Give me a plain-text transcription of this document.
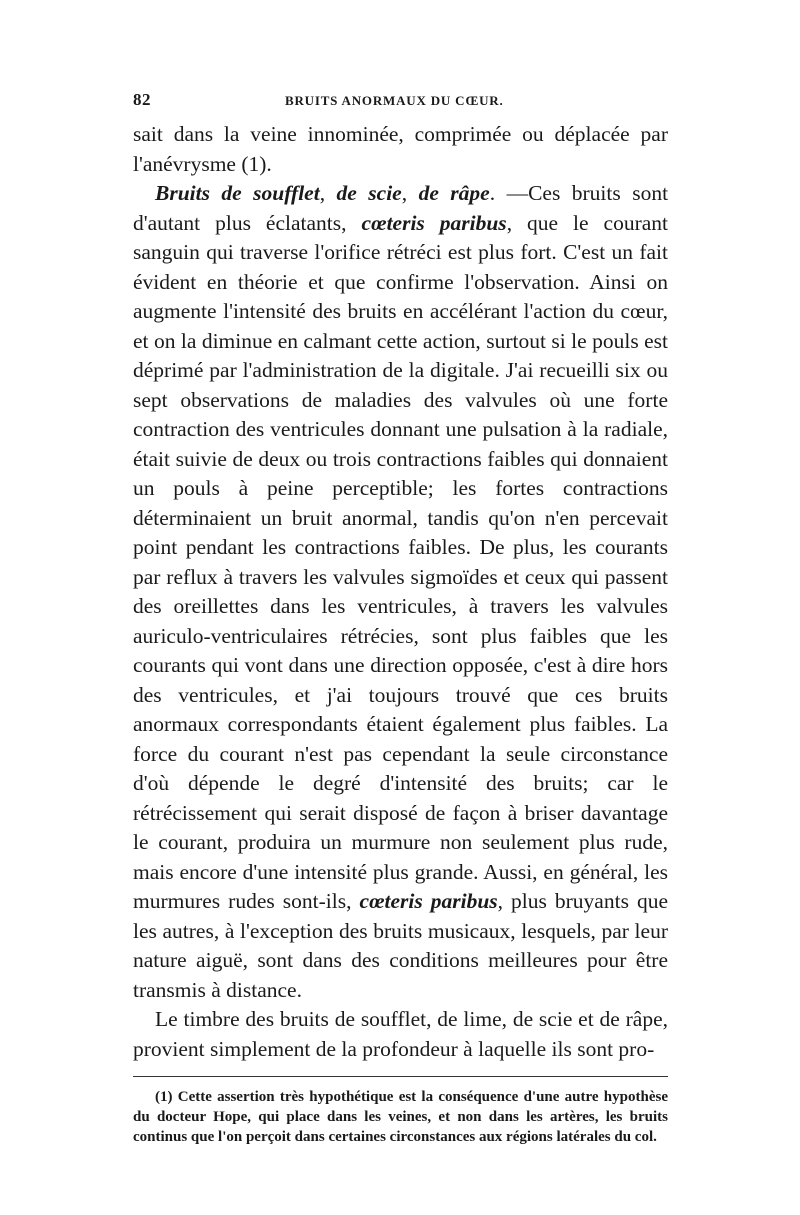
82	BRUITS ANORMAUX DU CŒUR.

sait dans la veine innominée, comprimée ou déplacée par l'anévrysme (1).

Bruits de soufflet, de scie, de râpe. —Ces bruits sont d'autant plus éclatants, cœteris paribus, que le courant sanguin qui traverse l'orifice rétréci est plus fort. C'est un fait évident en théorie et que confirme l'observation. Ainsi on augmente l'intensité des bruits en accélérant l'action du cœur, et on la diminue en calmant cette action, surtout si le pouls est déprimé par l'administration de la digitale. J'ai recueilli six ou sept observations de maladies des valvules où une forte contraction des ventricules donnant une pulsation à la radiale, était suivie de deux ou trois contractions faibles qui donnaient un pouls à peine perceptible; les fortes contractions déterminaient un bruit anormal, tandis qu'on n'en percevait point pendant les contractions faibles. De plus, les courants par reflux à travers les valvules sigmoïdes et ceux qui passent des oreillettes dans les ventricules, à travers les valvules auriculo-ventriculaires rétrécies, sont plus faibles que les courants qui vont dans une direction opposée, c'est à dire hors des ventricules, et j'ai toujours trouvé que ces bruits anormaux correspondants étaient également plus faibles. La force du courant n'est pas cependant la seule circonstance d'où dépende le degré d'intensité des bruits; car le rétrécissement qui serait disposé de façon à briser davantage le courant, produira un murmure non seulement plus rude, mais encore d'une intensité plus grande. Aussi, en général, les murmures rudes sont-ils, cœteris paribus, plus bruyants que les autres, à l'exception des bruits musicaux, lesquels, par leur nature aiguë, sont dans des conditions meilleures pour être transmis à distance.

Le timbre des bruits de soufflet, de lime, de scie et de râpe, provient simplement de la profondeur à laquelle ils sont pro-

(1) Cette assertion très hypothétique est la conséquence d'une autre hypothèse du docteur Hope, qui place dans les veines, et non dans les artères, les bruits continus que l'on perçoit dans certaines circonstances aux régions latérales du col.
